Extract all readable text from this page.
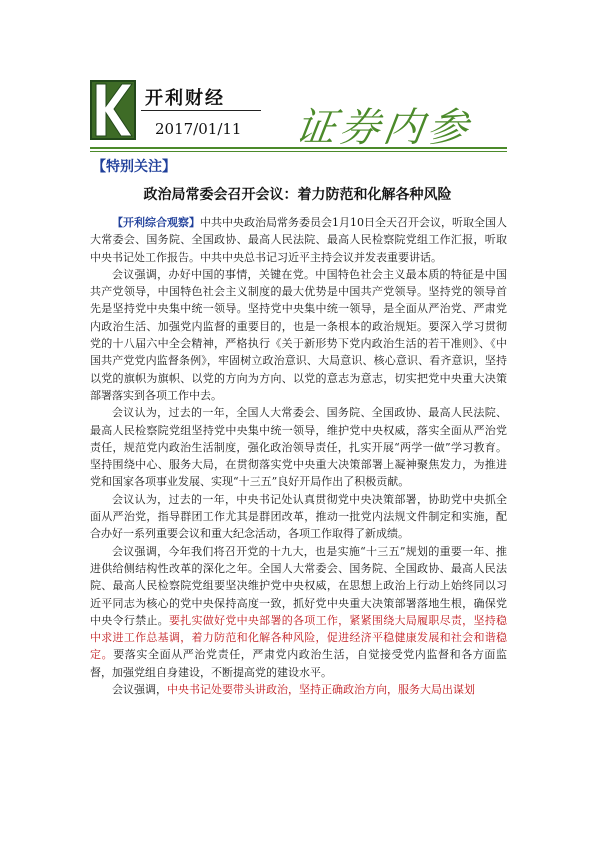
开利财经
2017/01/11 证券内参
【特别关注】
政治局常委会召开会议：着力防范和化解各种风险

【开利综合观察】中共中央政治局常务委员会1月10日全天召开会议，听取全国人大常委会、国务院、全国政协、最高人民法院、最高人民检察院党组工作汇报，听取中央书记处工作报告。中共中央总书记习近平主持会议并发表重要讲话。

会议强调，办好中国的事情，关键在党。中国特色社会主义最本质的特征是中国共产党领导，中国特色社会主义制度的最大优势是中国共产党领导。坚持党的领导首先是坚持党中央集中统一领导。坚持党中央集中统一领导，是全面从严治党、严肃党内政治生活、加强党内监督的重要目的，也是一条根本的政治规矩。要深入学习贯彻党的十八届六中全会精神，严格执行《关于新形势下党内政治生活的若干准则》、《中国共产党党内监督条例》，牢固树立政治意识、大局意识、核心意识、看齐意识，坚持以党的旗帜为旗帜、以党的方向为方向、以党的意志为意志，切实把党中央重大决策部署落实到各项工作中去。

会议认为，过去的一年，全国人大常委会、国务院、全国政协、最高人民法院、最高人民检察院党组坚持党中央集中统一领导，维护党中央权威，落实全面从严治党责任，规范党内政治生活制度，强化政治领导责任，扎实开展“两学一做”学习教育。坚持围绕中心、服务大局，在贯彻落实党中央重大决策部署上凝神聚焦发力，为推进党和国家各项事业发展、实现“十三五”良好开局作出了积极贡献。

会议认为，过去的一年，中央书记处认真贯彻党中央决策部署，协助党中央抓全面从严治党，指导群团工作尤其是群团改革，推动一批党内法规文件制定和实施，配合办好一系列重要会议和重大纪念活动，各项工作取得了新成绩。

会议强调，今年我们将召开党的十九大，也是实施“十三五”规划的重要一年、推进供给侧结构性改革的深化之年。全国人大常委会、国务院、全国政协、最高人民法院、最高人民检察院党组要坚决维护党中央权威，在思想上政治上行动上始终同以习近平同志为核心的党中央保持高度一致，抓好党中央重大决策部署落地生根，确保党中央令行禁止。要扎实做好党中央部署的各项工作，紧紧围绕大局履职尽责，坚持稳中求进工作总基调，着力防范和化解各种风险，促进经济平稳健康发展和社会和谐稳定。要落实全面从严治党责任，严肃党内政治生活，自觉接受党内监督和各方面监督，加强党组自身建设，不断提高党的建设水平。

会议强调，中央书记处要带头讲政治，坚持正确政治方向，服务大局出谋划
